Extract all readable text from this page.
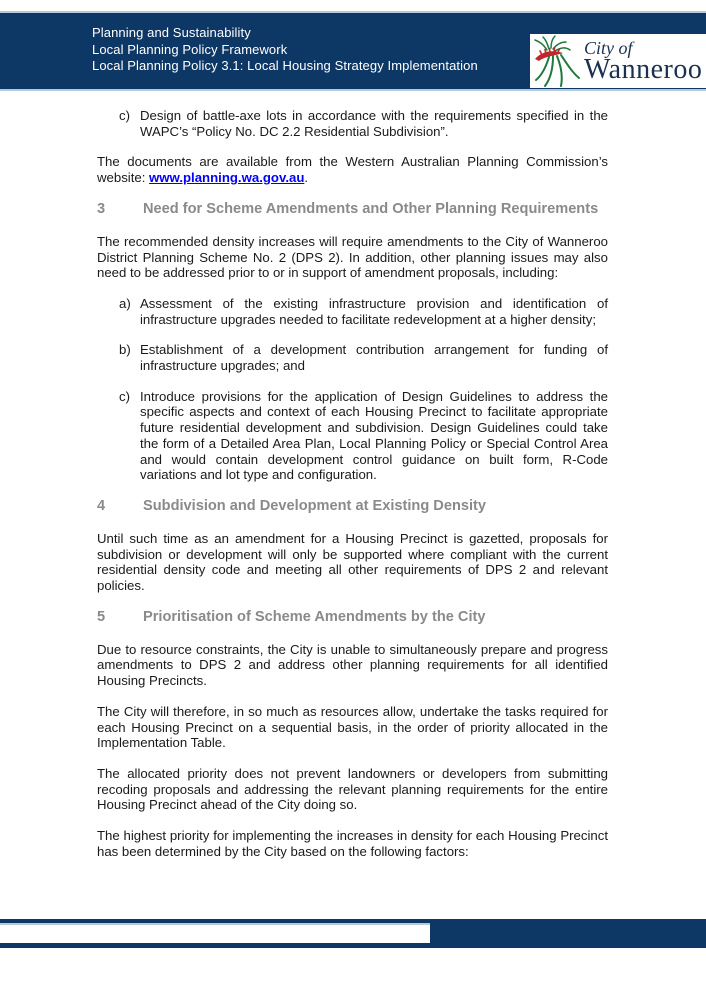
Planning and Sustainability
Local Planning Policy Framework
Local Planning Policy 3.1: Local Housing Strategy Implementation
City of
Wanneroo
c) Design of battle-axe lots in accordance with the requirements specified in the WAPC’s “Policy No. DC 2.2 Residential Subdivision”.

The documents are available from the Western Australian Planning Commission’s website: www.planning.wa.gov.au.

3	Need for Scheme Amendments and Other Planning Requirements

The recommended density increases will require amendments to the City of Wanneroo District Planning Scheme No. 2 (DPS 2). In addition, other planning issues may also need to be addressed prior to or in support of amendment proposals, including:

a) Assessment of the existing infrastructure provision and identification of infrastructure upgrades needed to facilitate redevelopment at a higher density;
b) Establishment of a development contribution arrangement for funding of infrastructure upgrades; and
c) Introduce provisions for the application of Design Guidelines to address the specific aspects and context of each Housing Precinct to facilitate appropriate future residential development and subdivision. Design Guidelines could take the form of a Detailed Area Plan, Local Planning Policy or Special Control Area and would contain development control guidance on built form, R-Code variations and lot type and configuration.
4	Subdivision and Development at Existing Density

Until such time as an amendment for a Housing Precinct is gazetted, proposals for subdivision or development will only be supported where compliant with the current residential density code and meeting all other requirements of DPS 2 and relevant policies.

5	Prioritisation of Scheme Amendments by the City

Due to resource constraints, the City is unable to simultaneously prepare and progress amendments to DPS 2 and address other planning requirements for all identified Housing Precincts.

The City will therefore, in so much as resources allow, undertake the tasks required for each Housing Precinct on a sequential basis, in the order of priority allocated in the Implementation Table.

The allocated priority does not prevent landowners or developers from submitting recoding proposals and addressing the relevant planning requirements for the entire Housing Precinct ahead of the City doing so.

The highest priority for implementing the increases in density for each Housing Precinct has been determined by the City based on the following factors:
